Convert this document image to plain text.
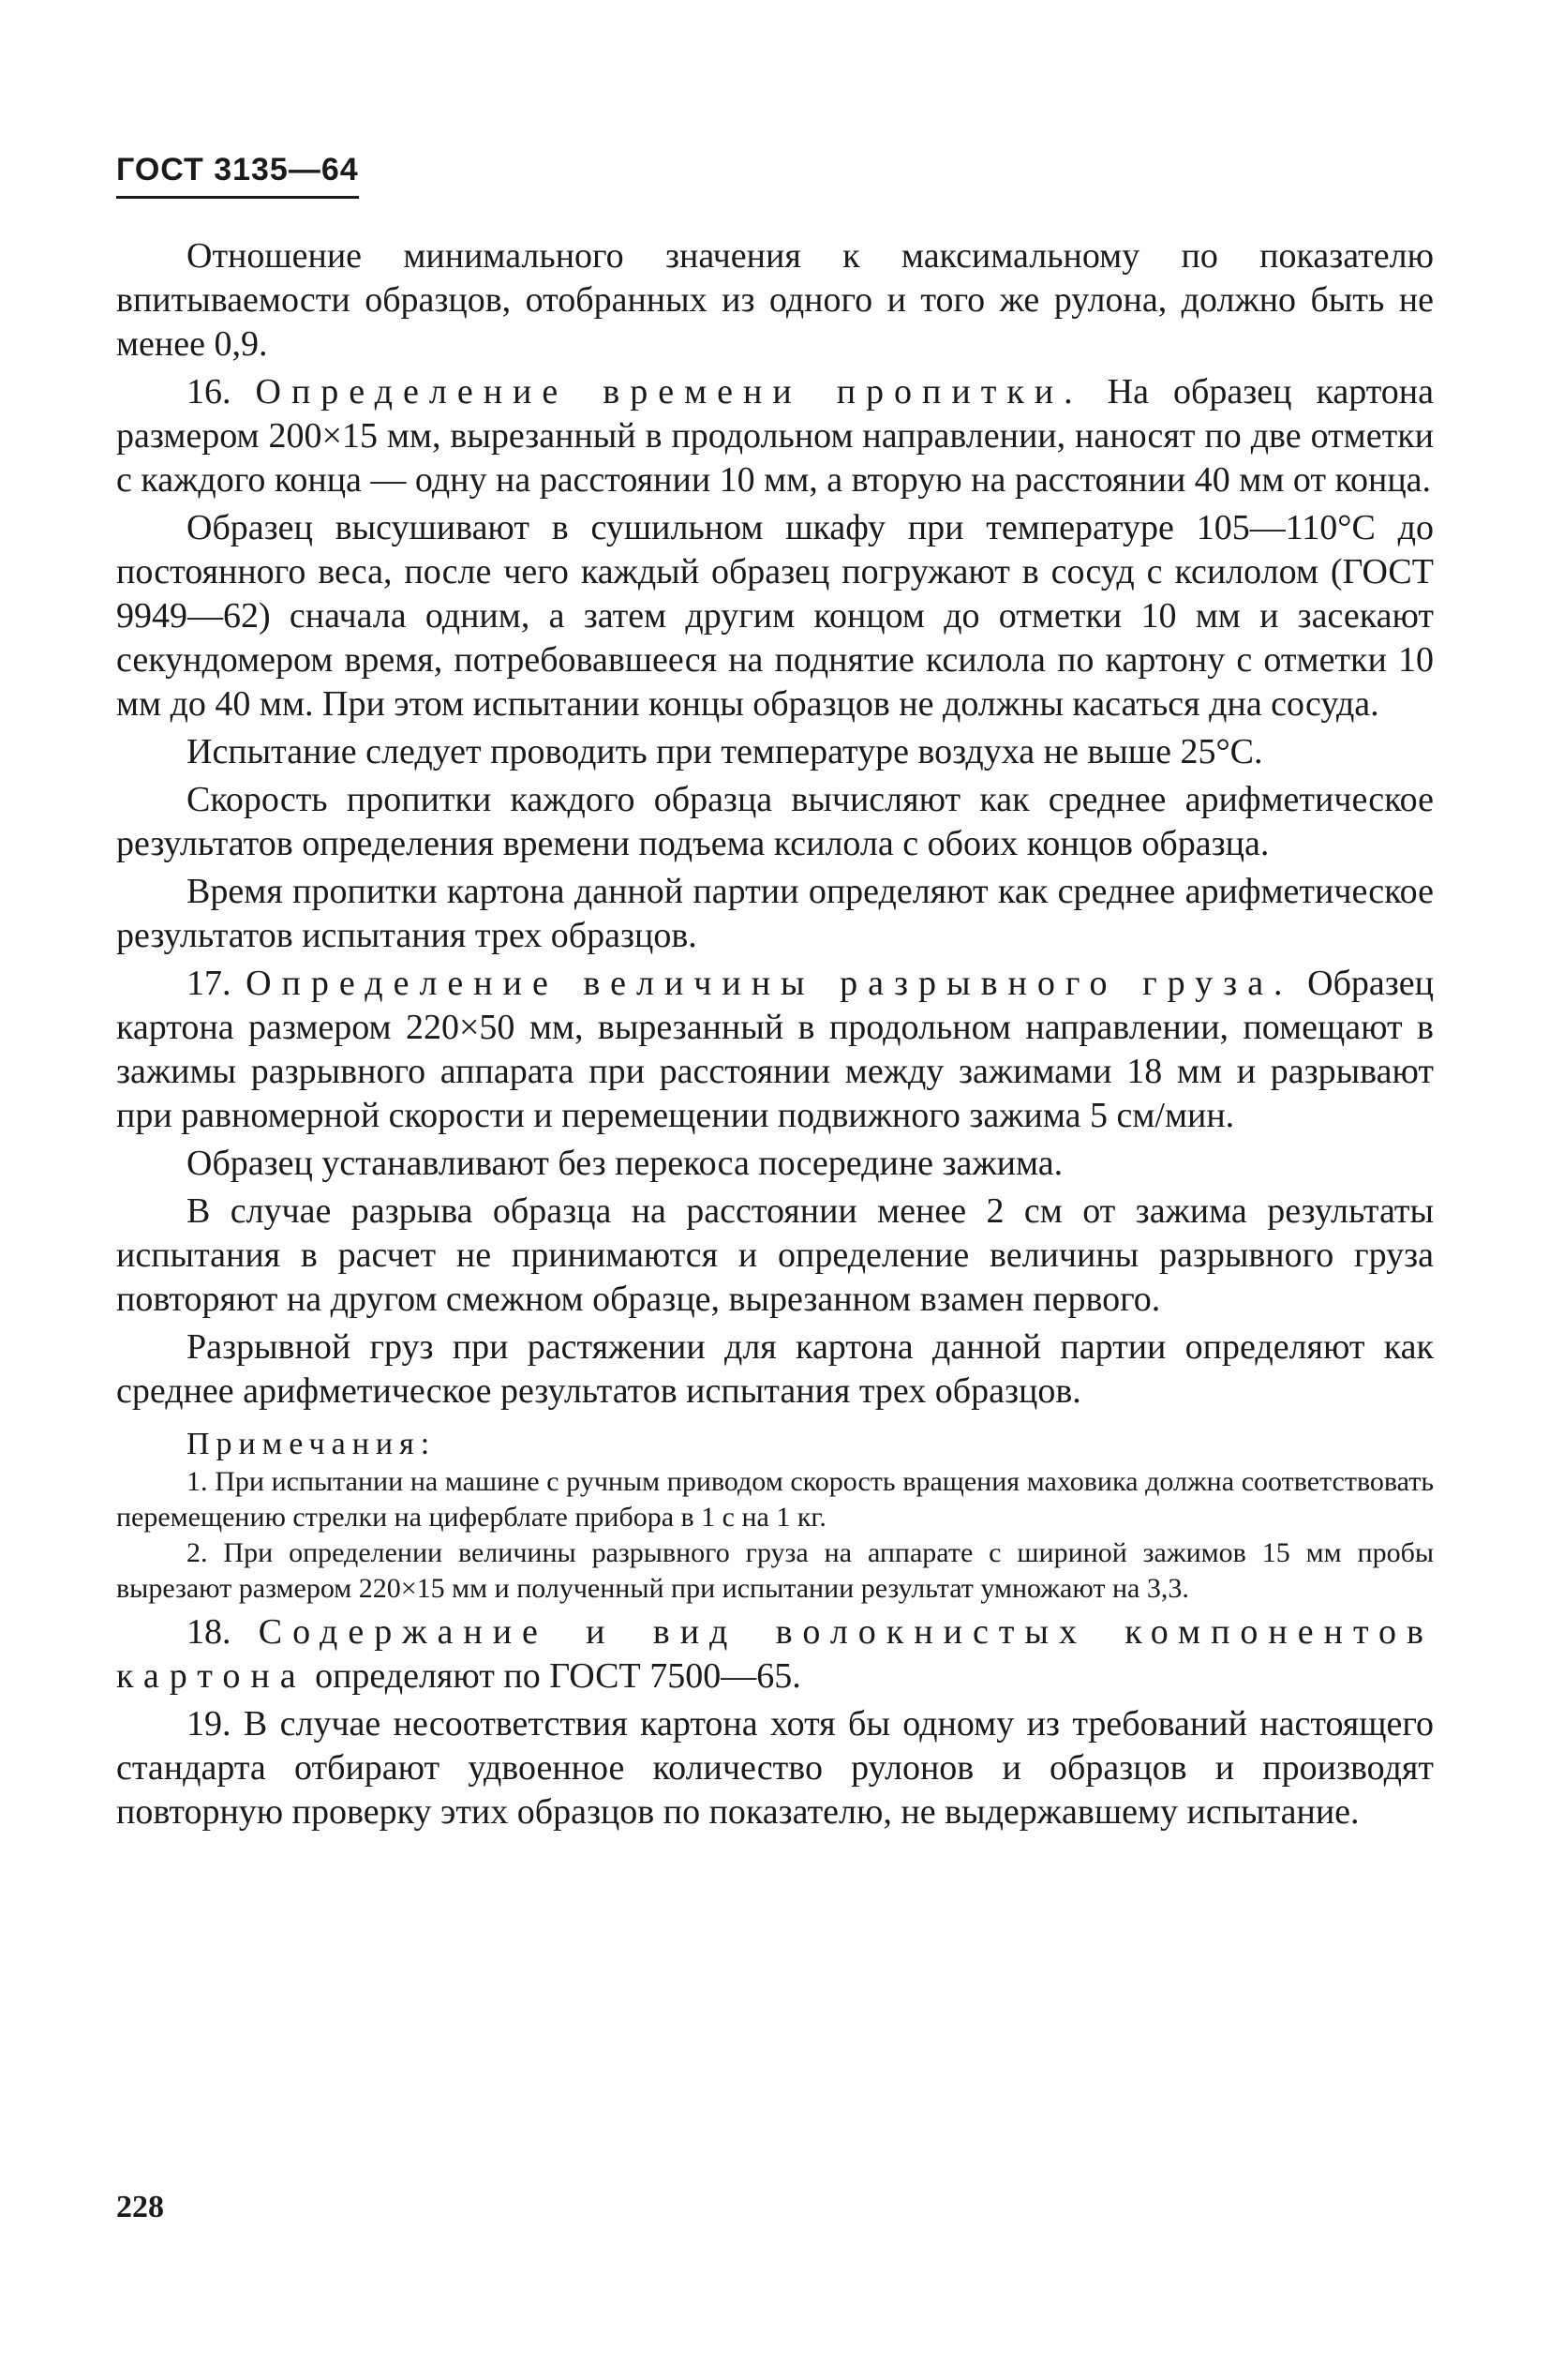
ГОСТ 3135—64

Отношение минимального значения к максимальному по показателю впитываемости образцов, отобранных из одного и того же рулона, должно быть не менее 0,9.

16. Определение времени пропитки. На образец картона размером 200×15 мм, вырезанный в продольном направлении, наносят по две отметки с каждого конца — одну на расстоянии 10 мм, а вторую на расстоянии 40 мм от конца.

Образец высушивают в сушильном шкафу при температуре 105—110°С до постоянного веса, после чего каждый образец погружают в сосуд с ксилолом (ГОСТ 9949—62) сначала одним, а затем другим концом до отметки 10 мм и засекают секундомером время, потребовавшееся на поднятие ксилола по картону с отметки 10 мм до 40 мм. При этом испытании концы образцов не должны касаться дна сосуда.

Испытание следует проводить при температуре воздуха не выше 25°С.

Скорость пропитки каждого образца вычисляют как среднее арифметическое результатов определения времени подъема ксилола с обоих концов образца.

Время пропитки картона данной партии определяют как среднее арифметическое результатов испытания трех образцов.

17. Определение величины разрывного груза. Образец картона размером 220×50 мм, вырезанный в продольном направлении, помещают в зажимы разрывного аппарата при расстоянии между зажимами 18 мм и разрывают при равномерной скорости и перемещении подвижного зажима 5 см/мин.

Образец устанавливают без перекоса посередине зажима.

В случае разрыва образца на расстоянии менее 2 см от зажима результаты испытания в расчет не принимаются и определение величины разрывного груза повторяют на другом смежном образце, вырезанном взамен первого.

Разрывной груз при растяжении для картона данной партии определяют как среднее арифметическое результатов испытания трех образцов.

Примечания:

1. При испытании на машине с ручным приводом скорость вращения маховика должна соответствовать перемещению стрелки на циферблате прибора в 1 с на 1 кг.

2. При определении величины разрывного груза на аппарате с шириной зажимов 15 мм пробы вырезают размером 220×15 мм и полученный при испытании результат умножают на 3,3.

18. Содержание и вид волокнистых компонентов картона определяют по ГОСТ 7500—65.

19. В случае несоответствия картона хотя бы одному из требований настоящего стандарта отбирают удвоенное количество рулонов и образцов и производят повторную проверку этих образцов по показателю, не выдержавшему испытание.

228
